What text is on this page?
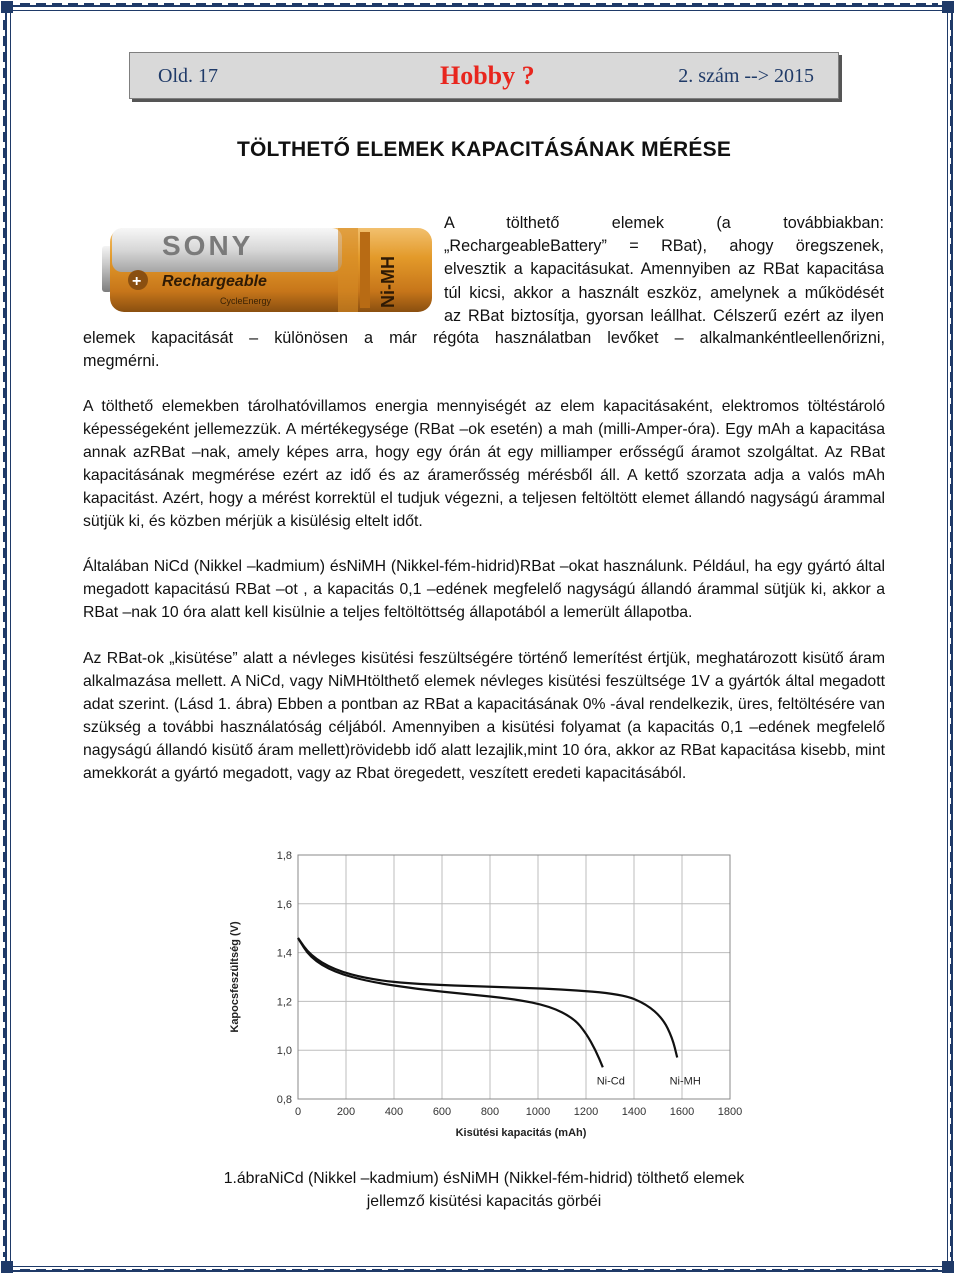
Old. 17	Hobby ?	2. szám --> 2015
TÖLTHETŐ ELEMEK KAPACITÁSÁNAK MÉRÉSE
SONY
+ Rechargeable
CycleEnergy	Ni-MH
A tölthető elemek (a továbbiakban:
„RechargeableBattery” = RBat), ahogy öregszenek,
elvesztik a kapacitásukat. Amennyiben az RBat kapacitása
túl kicsi, akkor a használt eszköz, amelynek a működését
az RBat biztosítja, gyorsan leállhat. Célszerű ezért az ilyen
elemek kapacitását – különösen a már régóta használatban levőket – alkalmankéntleellenőrizni,
megmérni.

A tölthető elemekben tárolhatóvillamos energia mennyiségét az elem kapacitásaként, elektromos töltéstároló képességeként jellemezzük. A mértékegysége (RBat –ok esetén) a mah (milli-Amper-óra). Egy mAh a kapacitása annak azRBat –nak, amely képes arra, hogy egy órán át egy milliamper erősségű áramot szolgáltat. Az RBat kapacitásának megmérése ezért az idő és az áramerősség mérésből áll. A kettő szorzata adja a valós mAh kapacitást. Azért, hogy a mérést korrektül el tudjuk végezni, a teljesen feltöltött elemet állandó nagyságú árammal sütjük ki, és közben mérjük a kisülésig eltelt időt.

Általában NiCd (Nikkel –kadmium) ésNiMH (Nikkel-fém-hidrid)RBat –okat használunk. Például, ha egy gyártó által megadott kapacitású RBat –ot , a kapacitás 0,1 –edének megfelelő nagyságú állandó árammal sütjük ki, akkor a RBat –nak 10 óra alatt kell kisülnie a teljes feltöltöttség állapotából a lemerült állapotba.

Az RBat-ok „kisütése” alatt a névleges kisütési feszültségére történő lemerítést értjük, meghatározott kisütő áram alkalmazása mellett. A NiCd, vagy NiMHtölthető elemek névleges kisütési feszültsége 1V a gyártók által megadott adat szerint. (Lásd 1. ábra) Ebben a pontban az RBat a kapacitásának 0% -ával rendelkezik, üres, feltöltésére van szükség a további használatóság céljából. Amennyiben a kisütési folyamat (a kapacitás 0,1 –edének megfelelő nagyságú állandó kisütő áram mellett)rövidebb idő alatt lezajlik,mint 10 óra, akkor az RBat kapacitása kisebb, mint amekkorát a gyártó megadott, vagy az Rbat öregedett, veszített eredeti kapacitásából.

1,8
1,6
1,4
1,2
1,0
0,8
0	200	400	600	800 1000 1200 1400 1600 1800
Ni-Cd	Ni-MH
Kisütési kapacitás (mAh)
Kapocsfeszültség (V)
1.ábraNiCd (Nikkel –kadmium) ésNiMH (Nikkel-fém-hidrid) tölthető elemek
jellemző kisütési kapacitás görbéi
